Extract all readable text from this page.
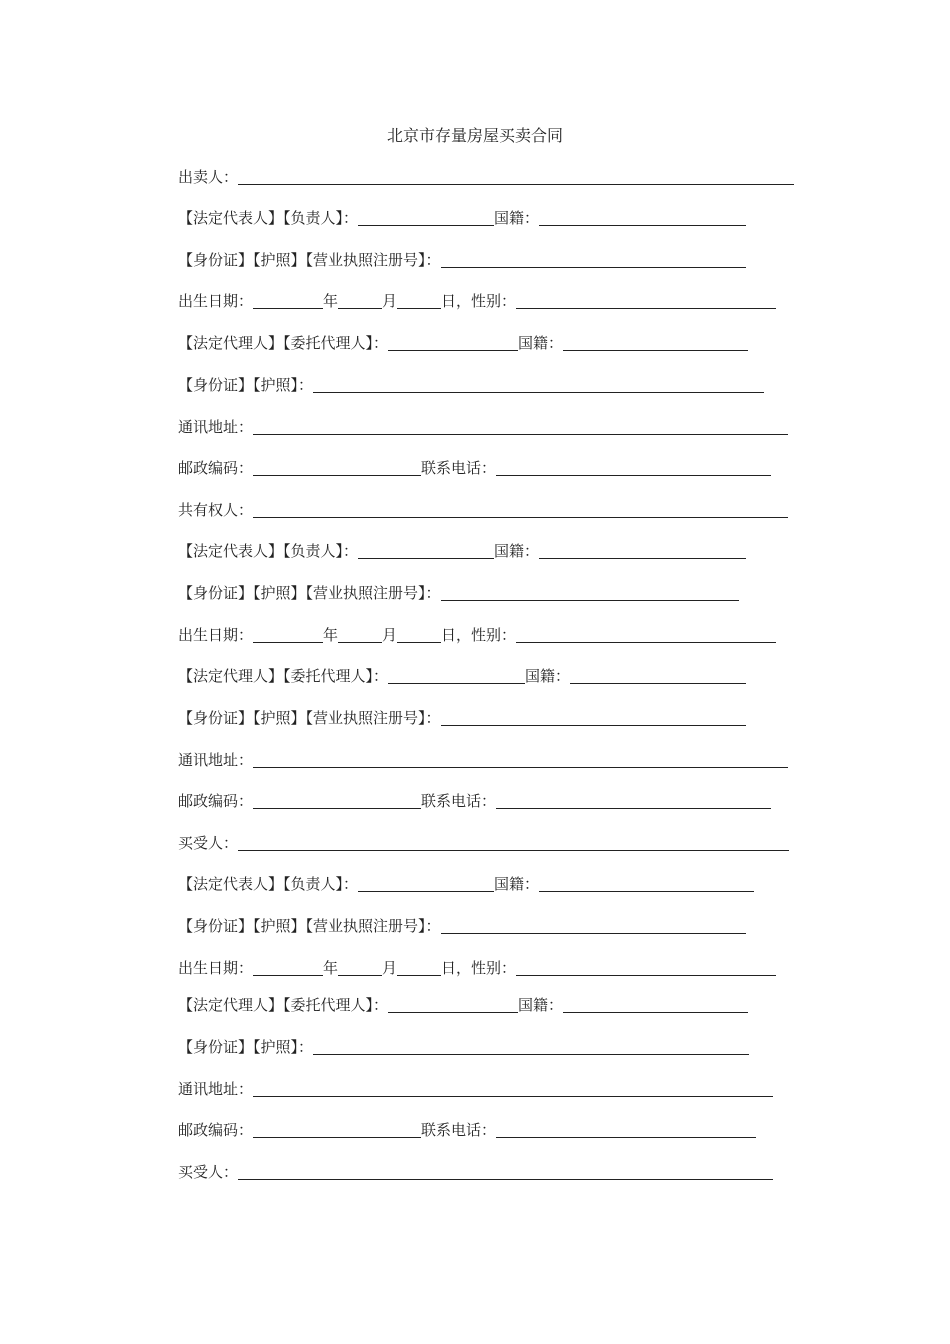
北京市存量房屋买卖合同
出卖人：
【法定代表人】【负责人】：	国籍：
【身份证】【护照】【营业执照注册号】：
出生日期：	年	月	日，性别：
【法定代理人】【委托代理人】：	国籍：
【身份证】【护照】：
通讯地址：
邮政编码：	联系电话：
共有权人：
【法定代表人】【负责人】：	国籍：
【身份证】【护照】【营业执照注册号】：
出生日期：	年	月	日，性别：
【法定代理人】【委托代理人】：	国籍：
【身份证】【护照】【营业执照注册号】：
通讯地址：
邮政编码：	联系电话：
买受人：
【法定代表人】【负责人】：	国籍：
【身份证】【护照】【营业执照注册号】：
出生日期：	年	月	日，性别：
【法定代理人】【委托代理人】：	国籍：
【身份证】【护照】：
通讯地址：
邮政编码：	联系电话：
买受人：
